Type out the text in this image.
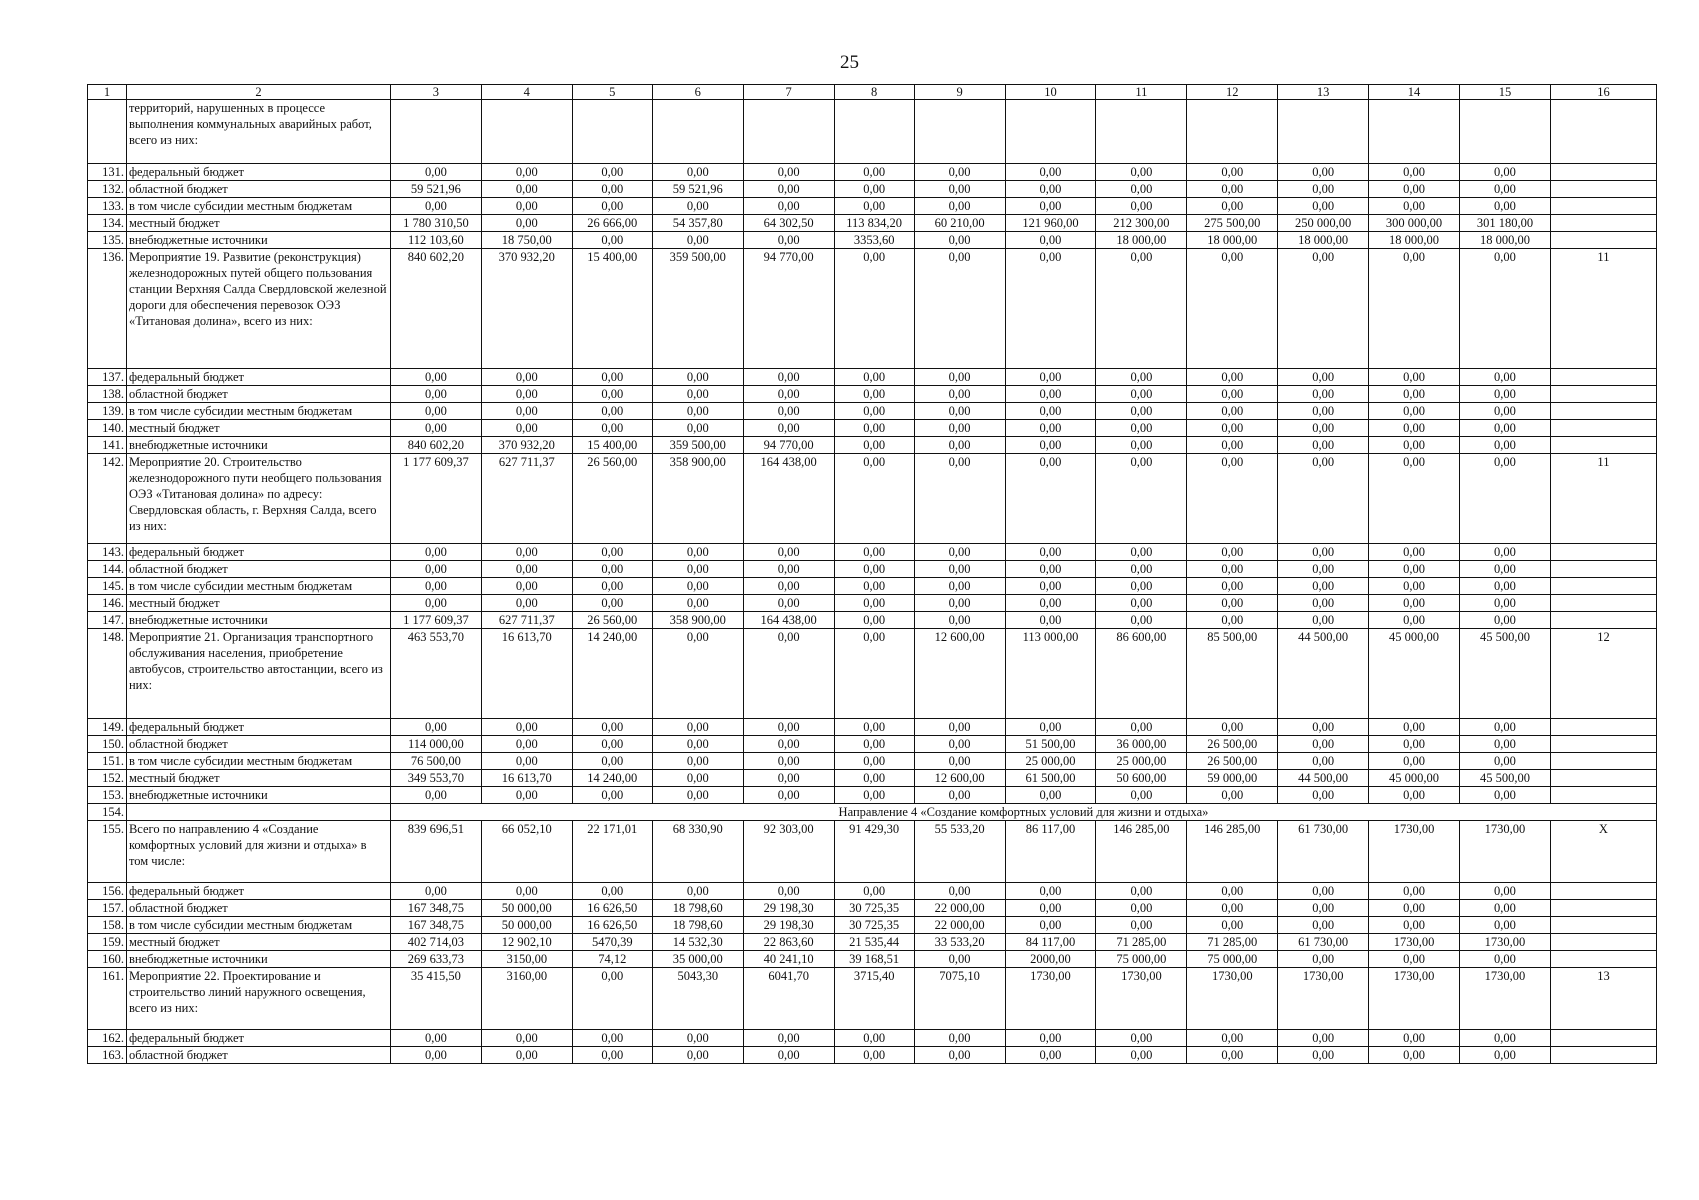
25
1	2	3	4	5	6	7	8	9	10	11	12	13	14	15	16
	территорий, нарушенных в процессе выполнения коммунальных аварийных работ, всего из них:														
131.	федеральный бюджет	0,00	0,00	0,00	0,00	0,00	0,00	0,00	0,00	0,00	0,00	0,00	0,00	0,00	
132.	областной бюджет	59 521,96	0,00	0,00	59 521,96	0,00	0,00	0,00	0,00	0,00	0,00	0,00	0,00	0,00	
133.	в том числе субсидии местным бюджетам	0,00	0,00	0,00	0,00	0,00	0,00	0,00	0,00	0,00	0,00	0,00	0,00	0,00	
134.	местный бюджет	1 780 310,50	0,00	26 666,00	54 357,80	64 302,50	113 834,20	60 210,00	121 960,00	212 300,00	275 500,00	250 000,00	300 000,00	301 180,00	
135.	внебюджетные источники	112 103,60	18 750,00	0,00	0,00	0,00	3353,60	0,00	0,00	18 000,00	18 000,00	18 000,00	18 000,00	18 000,00	
136.	Мероприятие 19. Развитие (реконструкция) железнодорожных путей общего пользования станции Верхняя Салда Свердловской железной дороги для обеспечения перевозок ОЭЗ «Титановая долина», всего из них:	840 602,20	370 932,20	15 400,00	359 500,00	94 770,00	0,00	0,00	0,00	0,00	0,00	0,00	0,00	0,00	11
137.	федеральный бюджет	0,00	0,00	0,00	0,00	0,00	0,00	0,00	0,00	0,00	0,00	0,00	0,00	0,00	
138.	областной бюджет	0,00	0,00	0,00	0,00	0,00	0,00	0,00	0,00	0,00	0,00	0,00	0,00	0,00	
139.	в том числе субсидии местным бюджетам	0,00	0,00	0,00	0,00	0,00	0,00	0,00	0,00	0,00	0,00	0,00	0,00	0,00	
140.	местный бюджет	0,00	0,00	0,00	0,00	0,00	0,00	0,00	0,00	0,00	0,00	0,00	0,00	0,00	
141.	внебюджетные источники	840 602,20	370 932,20	15 400,00	359 500,00	94 770,00	0,00	0,00	0,00	0,00	0,00	0,00	0,00	0,00	
142.	Мероприятие 20. Строительство железнодорожного пути необщего пользования ОЭЗ «Титановая долина» по адресу: Свердловская область, г. Верхняя Салда, всего из них:	1 177 609,37	627 711,37	26 560,00	358 900,00	164 438,00	0,00	0,00	0,00	0,00	0,00	0,00	0,00	0,00	11
143.	федеральный бюджет	0,00	0,00	0,00	0,00	0,00	0,00	0,00	0,00	0,00	0,00	0,00	0,00	0,00	
144.	областной бюджет	0,00	0,00	0,00	0,00	0,00	0,00	0,00	0,00	0,00	0,00	0,00	0,00	0,00	
145.	в том числе субсидии местным бюджетам	0,00	0,00	0,00	0,00	0,00	0,00	0,00	0,00	0,00	0,00	0,00	0,00	0,00	
146.	местный бюджет	0,00	0,00	0,00	0,00	0,00	0,00	0,00	0,00	0,00	0,00	0,00	0,00	0,00	
147.	внебюджетные источники	1 177 609,37	627 711,37	26 560,00	358 900,00	164 438,00	0,00	0,00	0,00	0,00	0,00	0,00	0,00	0,00	
148.	Мероприятие 21. Организация транспортного обслуживания населения, приобретение автобусов, строительство автостанции, всего из них:	463 553,70	16 613,70	14 240,00	0,00	0,00	0,00	12 600,00	113 000,00	86 600,00	85 500,00	44 500,00	45 000,00	45 500,00	12
149.	федеральный бюджет	0,00	0,00	0,00	0,00	0,00	0,00	0,00	0,00	0,00	0,00	0,00	0,00	0,00	
150.	областной бюджет	114 000,00	0,00	0,00	0,00	0,00	0,00	0,00	51 500,00	36 000,00	26 500,00	0,00	0,00	0,00	
151.	в том числе субсидии местным бюджетам	76 500,00	0,00	0,00	0,00	0,00	0,00	0,00	25 000,00	25 000,00	26 500,00	0,00	0,00	0,00	
152.	местный бюджет	349 553,70	16 613,70	14 240,00	0,00	0,00	0,00	12 600,00	61 500,00	50 600,00	59 000,00	44 500,00	45 000,00	45 500,00	
153.	внебюджетные источники	0,00	0,00	0,00	0,00	0,00	0,00	0,00	0,00	0,00	0,00	0,00	0,00	0,00	
154.		Направление 4 «Создание комфортных условий для жизни и отдыха»													
155.	Всего по направлению 4 «Создание комфортных условий для жизни и отдыха» в том числе:	839 696,51	66 052,10	22 171,01	68 330,90	92 303,00	91 429,30	55 533,20	86 117,00	146 285,00	146 285,00	61 730,00	1730,00	1730,00	X
156.	федеральный бюджет	0,00	0,00	0,00	0,00	0,00	0,00	0,00	0,00	0,00	0,00	0,00	0,00	0,00	
157.	областной бюджет	167 348,75	50 000,00	16 626,50	18 798,60	29 198,30	30 725,35	22 000,00	0,00	0,00	0,00	0,00	0,00	0,00	
158.	в том числе субсидии местным бюджетам	167 348,75	50 000,00	16 626,50	18 798,60	29 198,30	30 725,35	22 000,00	0,00	0,00	0,00	0,00	0,00	0,00	
159.	местный бюджет	402 714,03	12 902,10	5470,39	14 532,30	22 863,60	21 535,44	33 533,20	84 117,00	71 285,00	71 285,00	61 730,00	1730,00	1730,00	
160.	внебюджетные источники	269 633,73	3150,00	74,12	35 000,00	40 241,10	39 168,51	0,00	2000,00	75 000,00	75 000,00	0,00	0,00	0,00	
161.	Мероприятие 22. Проектирование и строительство линий наружного освещения, всего из них:	35 415,50	3160,00	0,00	5043,30	6041,70	3715,40	7075,10	1730,00	1730,00	1730,00	1730,00	1730,00	1730,00	13
162.	федеральный бюджет	0,00	0,00	0,00	0,00	0,00	0,00	0,00	0,00	0,00	0,00	0,00	0,00	0,00	
163.	областной бюджет	0,00	0,00	0,00	0,00	0,00	0,00	0,00	0,00	0,00	0,00	0,00	0,00	0,00	
